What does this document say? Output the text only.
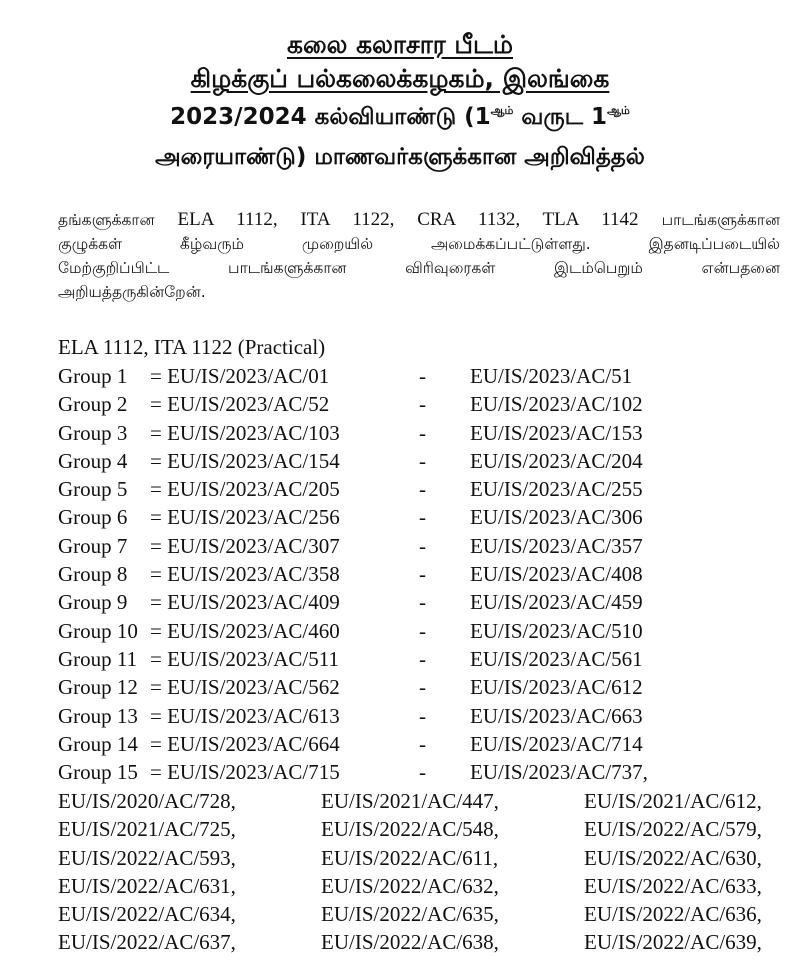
கலை கலாசார பீடம்
கிழக்குப் பல்கலைக்கழகம், இலங்கை
2023/2024 கல்வியாண்டு ($1^{ஆம்}$ வருட $1^{ஆம்}$
அரையாண்டு) மாணவர்களுக்கான அறிவித்தல்
தங்களுக்கான ELA 1112, ITA 1122, CRA 1132, TLA 1142 பாடங்களுக்கான
குழுக்கள் கீழ்வரும் முறையில் அமைக்கப்பட்டுள்ளது. இதனடிப்படையில்
மேற்குறிப்பிட்ட பாடங்களுக்கான விரிவுரைகள் இடம்பெறும் என்பதனை
அறியத்தருகின்றேன்.
ELA 1112, ITA 1122 (Practical)
Group 1 = EU/IS/2023/AC/01	- EU/IS/2023/AC/51
Group 2 = EU/IS/2023/AC/52	- EU/IS/2023/AC/102
Group 3 = EU/IS/2023/AC/103	- EU/IS/2023/AC/153
Group 4 = EU/IS/2023/AC/154	- EU/IS/2023/AC/204
Group 5 = EU/IS/2023/AC/205	- EU/IS/2023/AC/255
Group 6 = EU/IS/2023/AC/256	- EU/IS/2023/AC/306
Group 7 = EU/IS/2023/AC/307	- EU/IS/2023/AC/357
Group 8 = EU/IS/2023/AC/358	- EU/IS/2023/AC/408
Group 9 = EU/IS/2023/AC/409	- EU/IS/2023/AC/459
Group 10 = EU/IS/2023/AC/460	- EU/IS/2023/AC/510
Group 11 = EU/IS/2023/AC/511	- EU/IS/2023/AC/561
Group 12 = EU/IS/2023/AC/562	- EU/IS/2023/AC/612
Group 13 = EU/IS/2023/AC/613	- EU/IS/2023/AC/663
Group 14 = EU/IS/2023/AC/664	- EU/IS/2023/AC/714
Group 15 = EU/IS/2023/AC/715	- EU/IS/2023/AC/737,
EU/IS/2020/AC/728,	EU/IS/2021/AC/447,	EU/IS/2021/AC/612,
EU/IS/2021/AC/725,	EU/IS/2022/AC/548,	EU/IS/2022/AC/579,
EU/IS/2022/AC/593,	EU/IS/2022/AC/611,	EU/IS/2022/AC/630,
EU/IS/2022/AC/631,	EU/IS/2022/AC/632,	EU/IS/2022/AC/633,
EU/IS/2022/AC/634,	EU/IS/2022/AC/635,	EU/IS/2022/AC/636,
EU/IS/2022/AC/637,	EU/IS/2022/AC/638,	EU/IS/2022/AC/639,
